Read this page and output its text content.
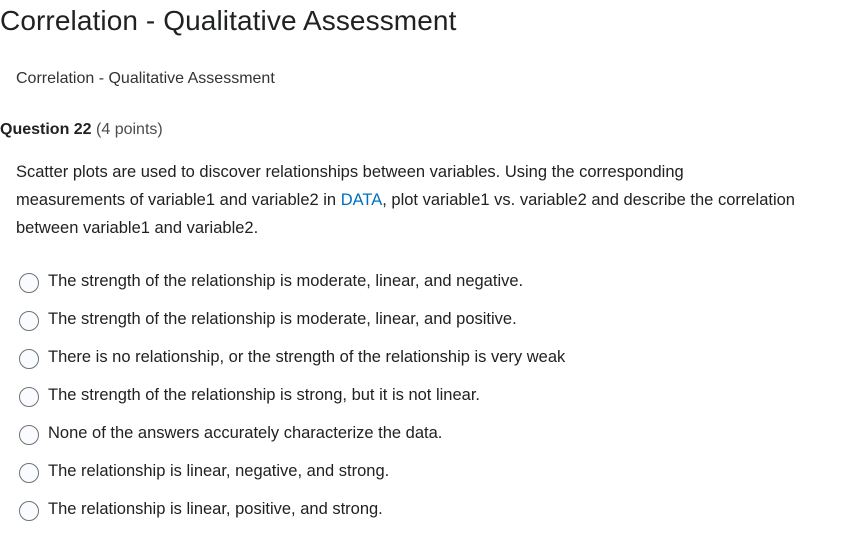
Correlation - Qualitative Assessment
Correlation - Qualitative Assessment
Question 22 (4 points)
Scatter plots are used to discover relationships between variables. Using the corresponding measurements of variable1 and variable2 in DATA, plot variable1 vs. variable2 and describe the correlation between variable1 and variable2.
The strength of the relationship is moderate, linear, and negative.
The strength of the relationship is moderate, linear, and positive.
There is no relationship, or the strength of the relationship is very weak
The strength of the relationship is strong, but it is not linear.
None of the answers accurately characterize the data.
The relationship is linear, negative, and strong.
The relationship is linear, positive, and strong.
